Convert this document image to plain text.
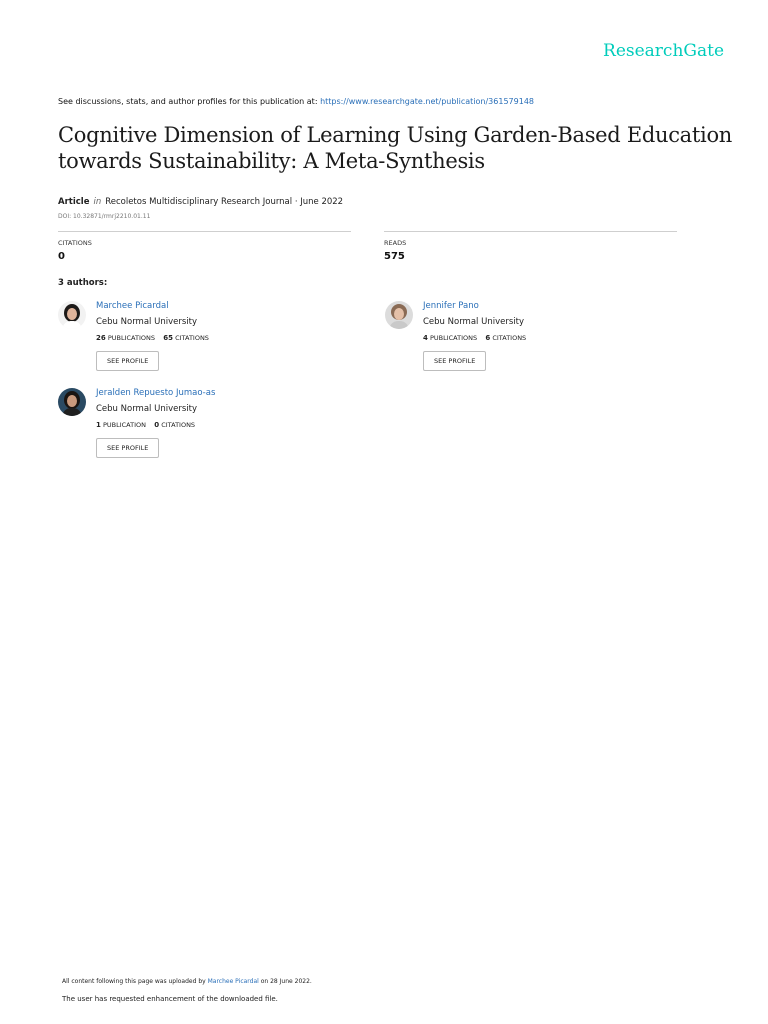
ResearchGate
See discussions, stats, and author profiles for this publication at: https://www.researchgate.net/publication/361579148
Cognitive Dimension of Learning Using Garden-Based Education
towards Sustainability: A Meta-Synthesis
Article in Recoletos Multidisciplinary Research Journal · June 2022
DOI: 10.32871/rmrj2210.01.11
CITATIONS
0
READS
575
3 authors:
Marchee Picardal
Cebu Normal University
26 PUBLICATIONS 65 CITATIONS
SEE PROFILE
Jennifer Pano
Cebu Normal University
4 PUBLICATIONS 6 CITATIONS
SEE PROFILE
Jeralden Repuesto Jumao-as
Cebu Normal University
1 PUBLICATION 0 CITATIONS
SEE PROFILE
All content following this page was uploaded by Marchee Picardal on 28 June 2022.
The user has requested enhancement of the downloaded file.
